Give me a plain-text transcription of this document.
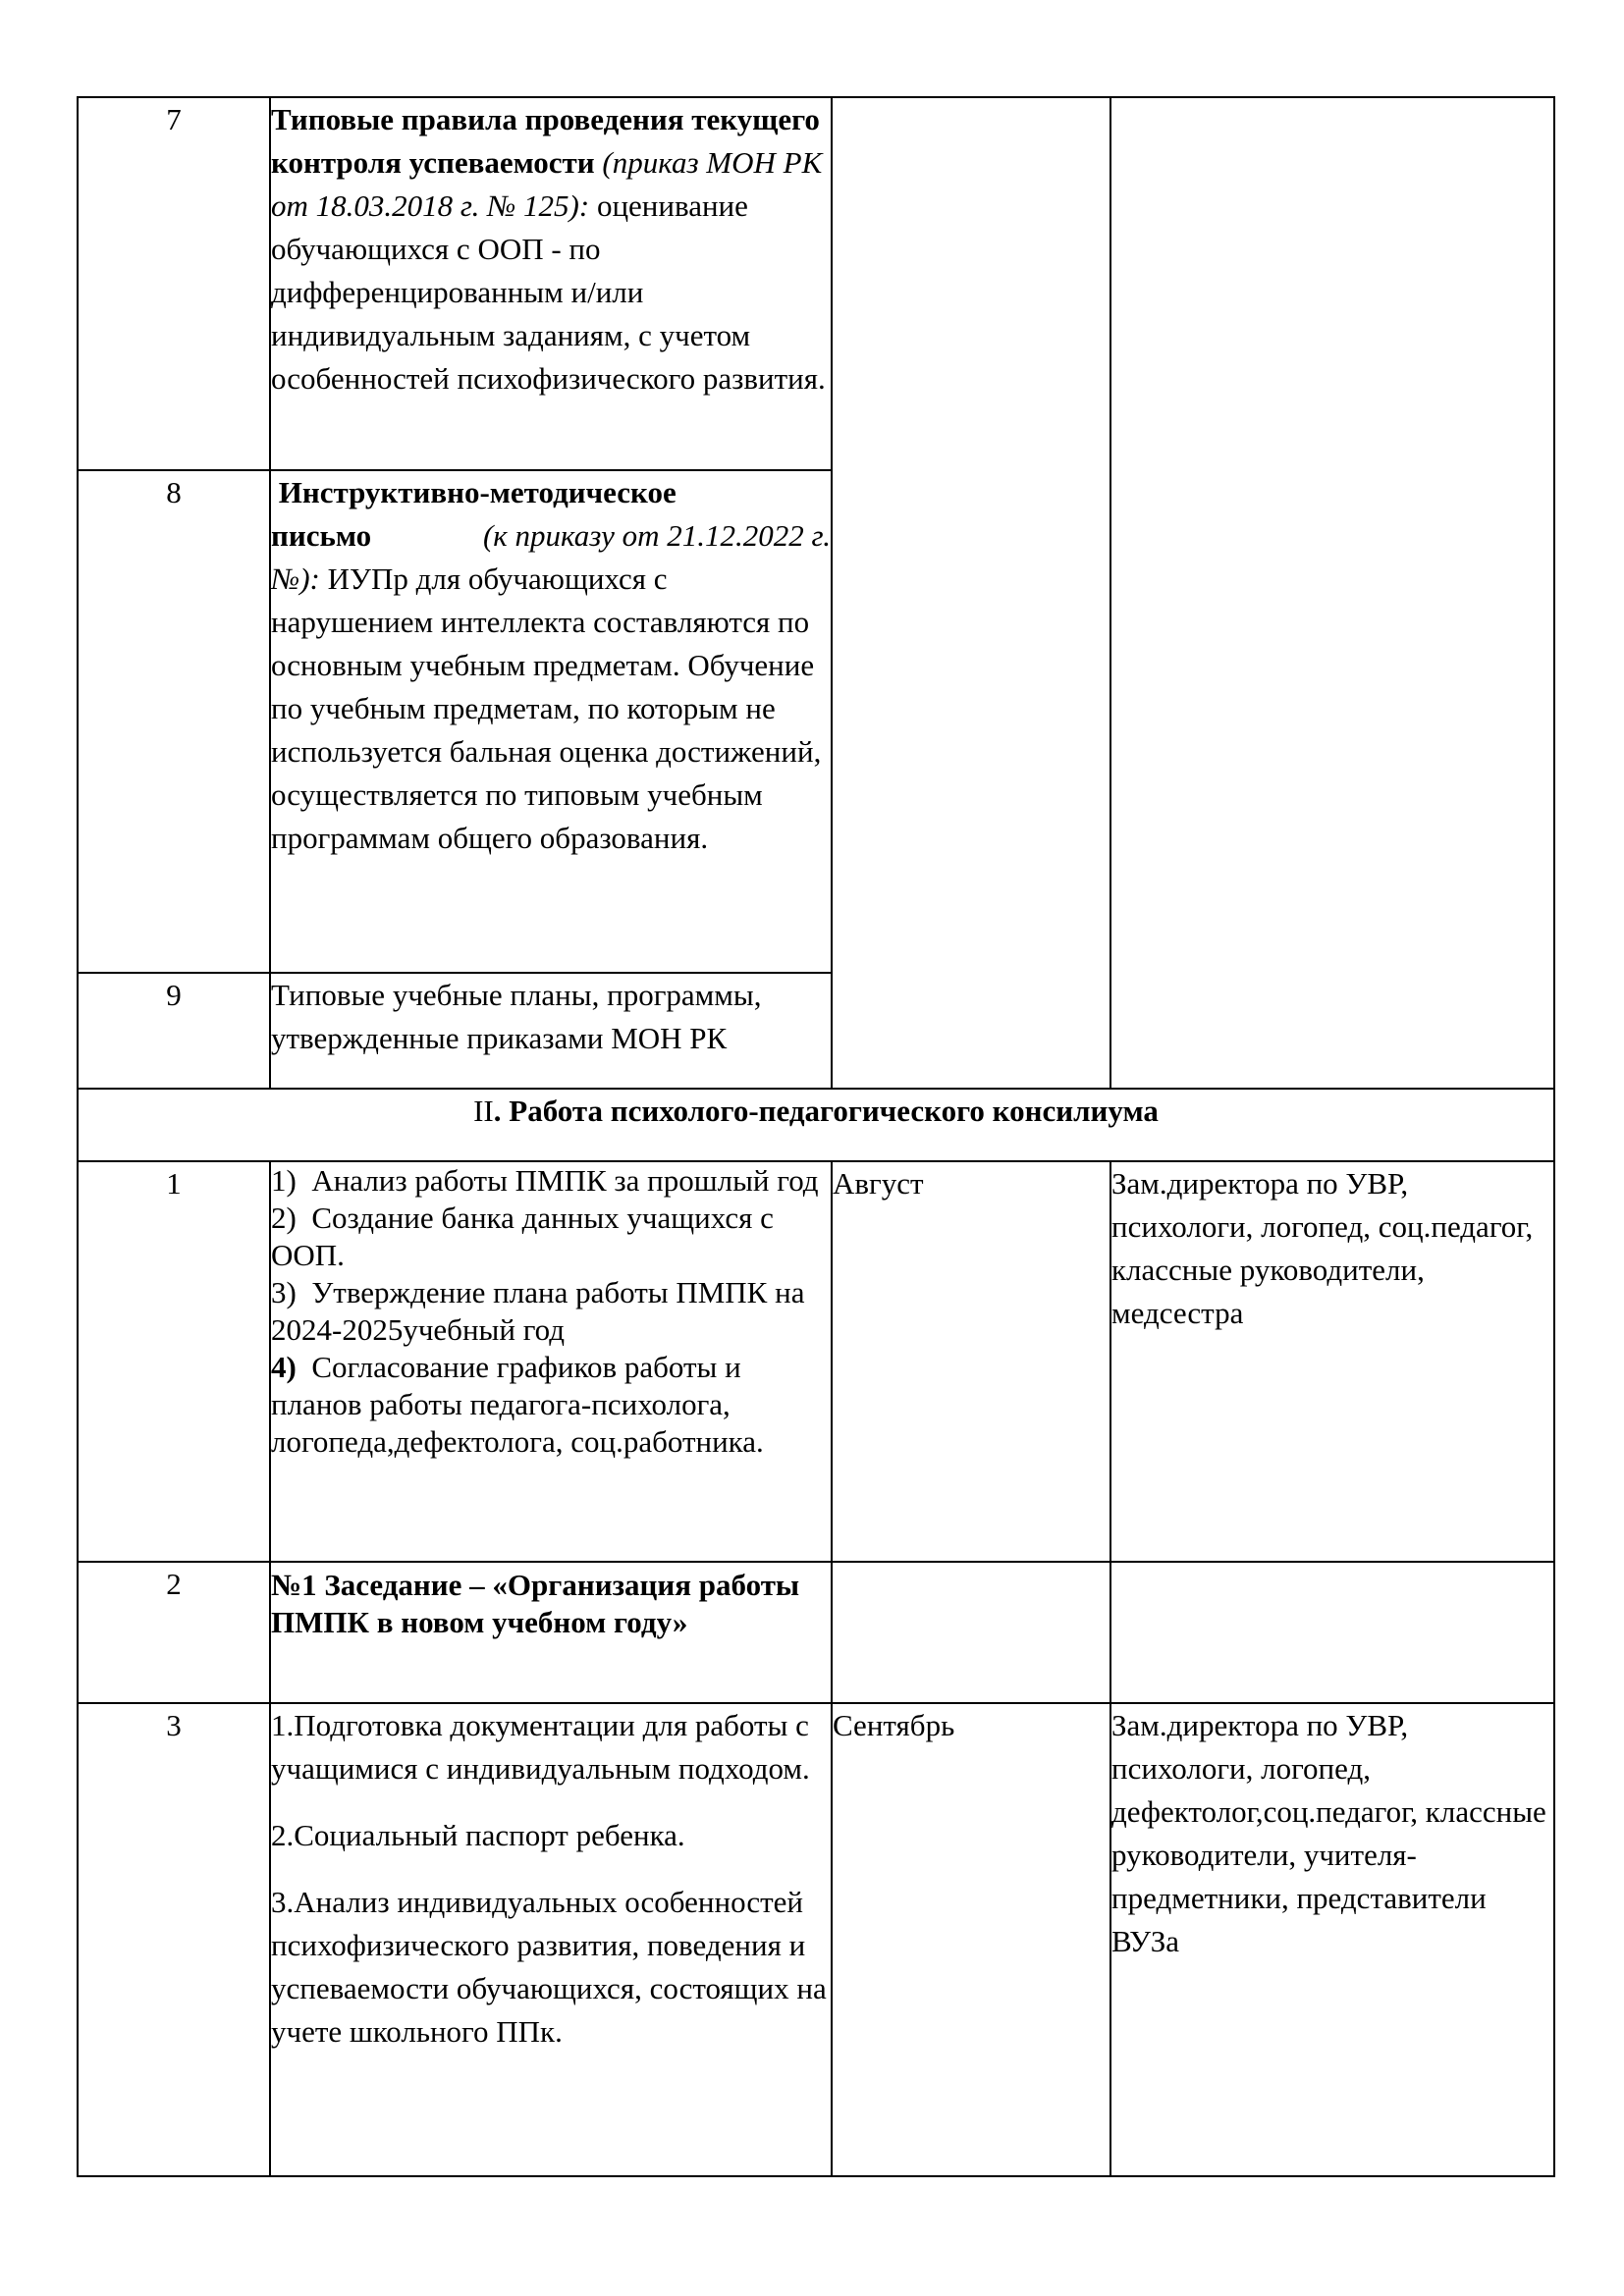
7	Типовые правила проведения текущего контроля успеваемости (приказ МОН РК от 18.03.2018 г. № 125): оценивание обучающихся с ООП - по дифференцированным и/или индивидуальным заданиям, с учетом особенностей психофизического развития.		
8	Инструктивно-методическое
письмо (к приказу от 21.12.2022 г.
№): ИУПр для обучающихся с нарушением интеллекта составляются по основным учебным предметам. Обучение по учебным предметам, по которым не используется бальная оценка достижений, осуществляется по типовым учебным программам общего образования.		
9	Типовые учебные планы, программы, утвержденные приказами МОН РК		
II. Работа психолого-педагогического консилиума			
1	1) Анализ работы ПМПК за прошлый год
2) Создание банка данных учащихся с ООП.
3) Утверждение плана работы ПМПК на 2024-2025учебный год
4) Согласование графиков работы и планов работы педагога-психолога, логопеда,дефектолога, соц.работника.	Август	Зам.директора по УВР, психологи, логопед, соц.педагог, классные руководители, медсестра
2	№1 Заседание – «Организация работы ПМПК в новом учебном году»		
3	1.Подготовка документации для работы с учащимися с индивидуальным подходом.

2.Социальный паспорт ребенка.

3.Анализ индивидуальных особенностей психофизического развития, поведения и успеваемости обучающихся, состоящих на учете школьного ППк.	Сентябрь	Зам.директора по УВР, психологи, логопед, дефектолог,соц.педагог, классные руководители, учителя-предметники, представители ВУЗа
